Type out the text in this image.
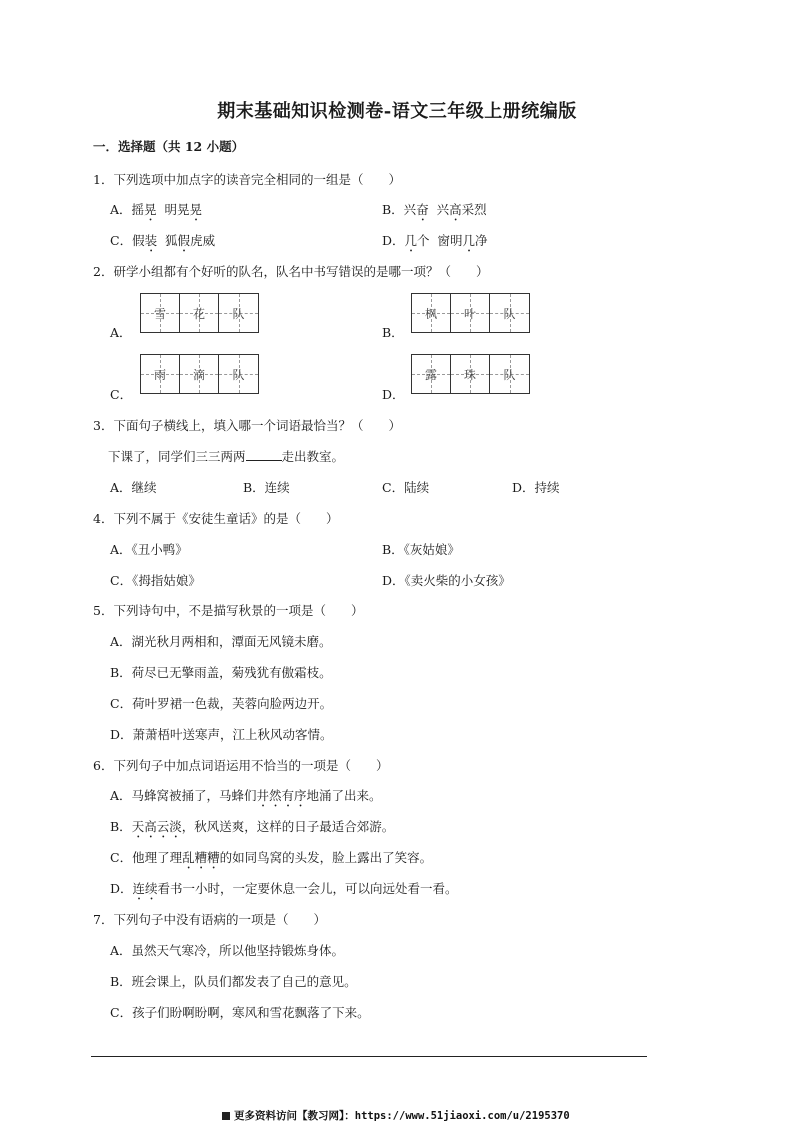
期末基础知识检测卷-语文三年级上册统编版
一．选择题（共 12 小题）
1．下列选项中加点字的读音完全相同的一组是（　　）
A．摇晃  明晃晃	B．兴奋  兴高采烈
C．假装  狐假虎威	D．几个  窗明几净
2．研学小组都有个好听的队名，队名中书写错误的是哪一项？（　　）
A．
雪 花 队
B．
枫 叶 队
C．
雨 滴 队
D．
露 珠 队
3．下面句子横线上，填入哪一个词语最恰当？（　　）
下课了，同学们三三两两	走出教室。
A．继续	B．连续	C．陆续	D．持续
4．下列不属于《安徒生童话》的是（　　）
A．《丑小鸭》	B．《灰姑娘》
C．《拇指姑娘》	D．《卖火柴的小女孩》
5．下列诗句中，不是描写秋景的一项是（　　）
A．湖光秋月两相和，潭面无风镜未磨。
B．荷尽已无擎雨盖，菊残犹有傲霜枝。
C．荷叶罗裙一色裁，芙蓉向脸两边开。
D．萧萧梧叶送寒声，江上秋风动客情。
6．下列句子中加点词语运用不恰当的一项是（　　）
A．马蜂窝被捅了，马蜂们井然有序地涌了出来。
B．天高云淡，秋风送爽，这样的日子最适合郊游。
C．他理了理乱糟糟的如同鸟窝的头发，脸上露出了笑容。
D．连续看书一小时，一定要休息一会儿，可以向远处看一看。
7．下列句子中没有语病的一项是（　　）
A．虽然天气寒冷，所以他坚持锻炼身体。
B．班会课上，队员们都发表了自己的意见。
C．孩子们盼啊盼啊，寒风和雪花飘落了下来。
更多资料访问【教习网】：https://www.51jiaoxi.com/u/2195370
